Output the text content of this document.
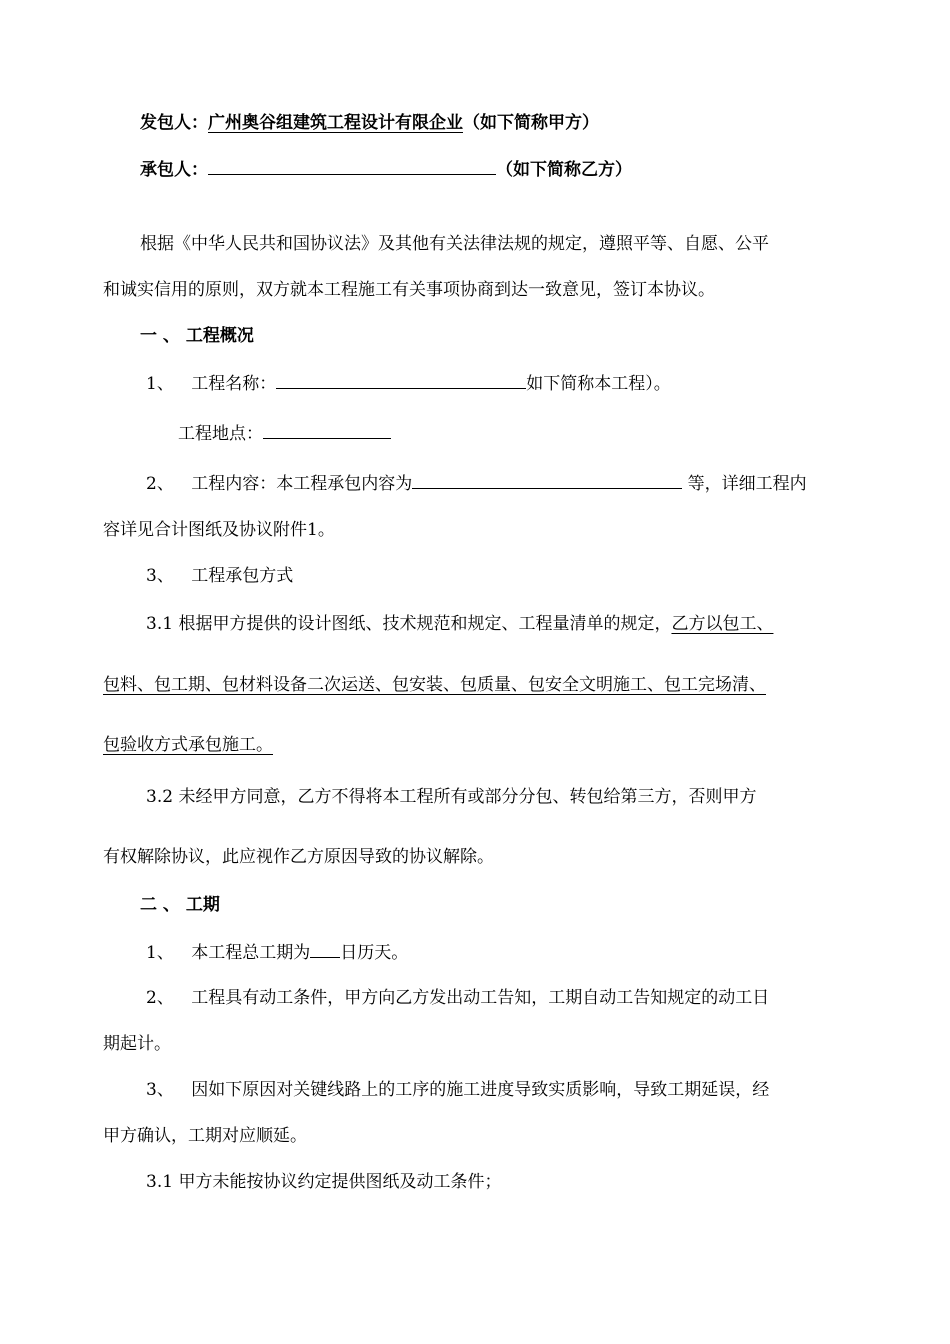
发包人：广州奥谷组建筑工程设计有限企业（如下简称甲方）
承包人：	（如下简称乙方）
根据《中华人民共和国协议法》及其他有关法律法规的规定，遵照平等、自愿、公平
和诚实信用的原则，双方就本工程施工有关事项协商到达一致意见，签订本协议。
一 、 工程概况
1、 工程名称：	如下简称本工程）。
工程地点：
2、 工程内容：本工程承包内容为	等，详细工程内
容详见合计图纸及协议附件1。
3、 工程承包方式
3.1 根据甲方提供的设计图纸、技术规范和规定、工程量清单的规定，乙方以包工、
包料、包工期、包材料设备二次运送、包安装、包质量、包安全文明施工、包工完场清、
包验收方式承包施工。
3.2 未经甲方同意，乙方不得将本工程所有或部分分包、转包给第三方，否则甲方
有权解除协议，此应视作乙方原因导致的协议解除。
二 、 工期
1、 本工程总工期为 日历天。
2、 工程具有动工条件，甲方向乙方发出动工告知，工期自动工告知规定的动工日
期起计。
3、 因如下原因对关键线路上的工序的施工进度导致实质影响，导致工期延误，经
甲方确认，工期对应顺延。
3.1 甲方未能按协议约定提供图纸及动工条件；
